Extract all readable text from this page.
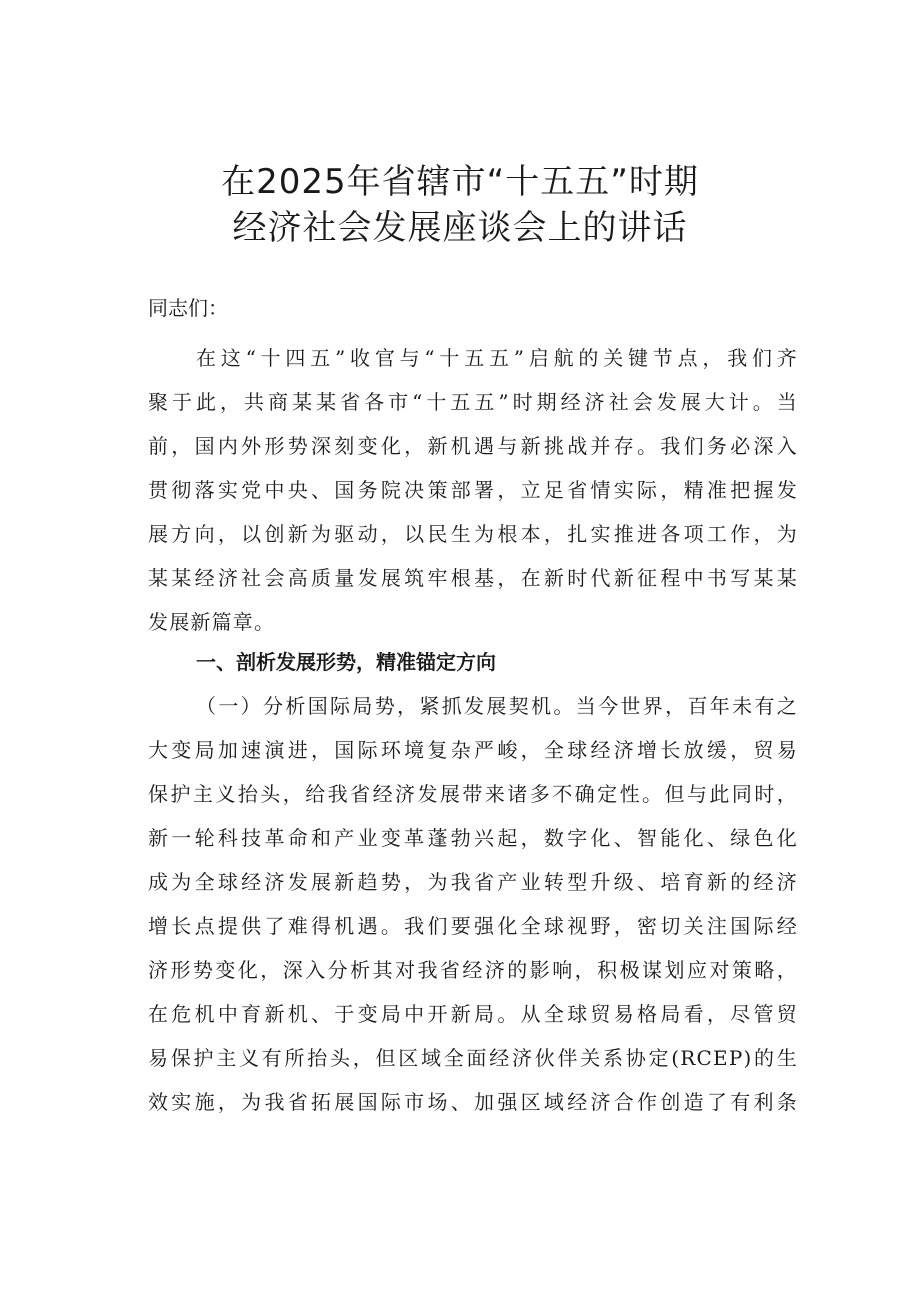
在2025年省辖市“十五五”时期
经济社会发展座谈会上的讲话
同志们：
在这“十四五”收官与“十五五”启航的关键节点，我们齐
聚于此，共商某某省各市“十五五”时期经济社会发展大计。当
前，国内外形势深刻变化，新机遇与新挑战并存。我们务必深入
贯彻落实党中央、国务院决策部署，立足省情实际，精准把握发
展方向，以创新为驱动，以民生为根本，扎实推进各项工作，为
某某经济社会高质量发展筑牢根基，在新时代新征程中书写某某
发展新篇章。
一、剖析发展形势，精准锚定方向
（一）分析国际局势，紧抓发展契机。当今世界，百年未有之
大变局加速演进，国际环境复杂严峻，全球经济增长放缓，贸易
保护主义抬头，给我省经济发展带来诸多不确定性。但与此同时，
新一轮科技革命和产业变革蓬勃兴起，数字化、智能化、绿色化
成为全球经济发展新趋势，为我省产业转型升级、培育新的经济
增长点提供了难得机遇。我们要强化全球视野，密切关注国际经
济形势变化，深入分析其对我省经济的影响，积极谋划应对策略，
在危机中育新机、于变局中开新局。从全球贸易格局看，尽管贸
易保护主义有所抬头，但区域全面经济伙伴关系协定(RCEP)的生
效实施，为我省拓展国际市场、加强区域经济合作创造了有利条
